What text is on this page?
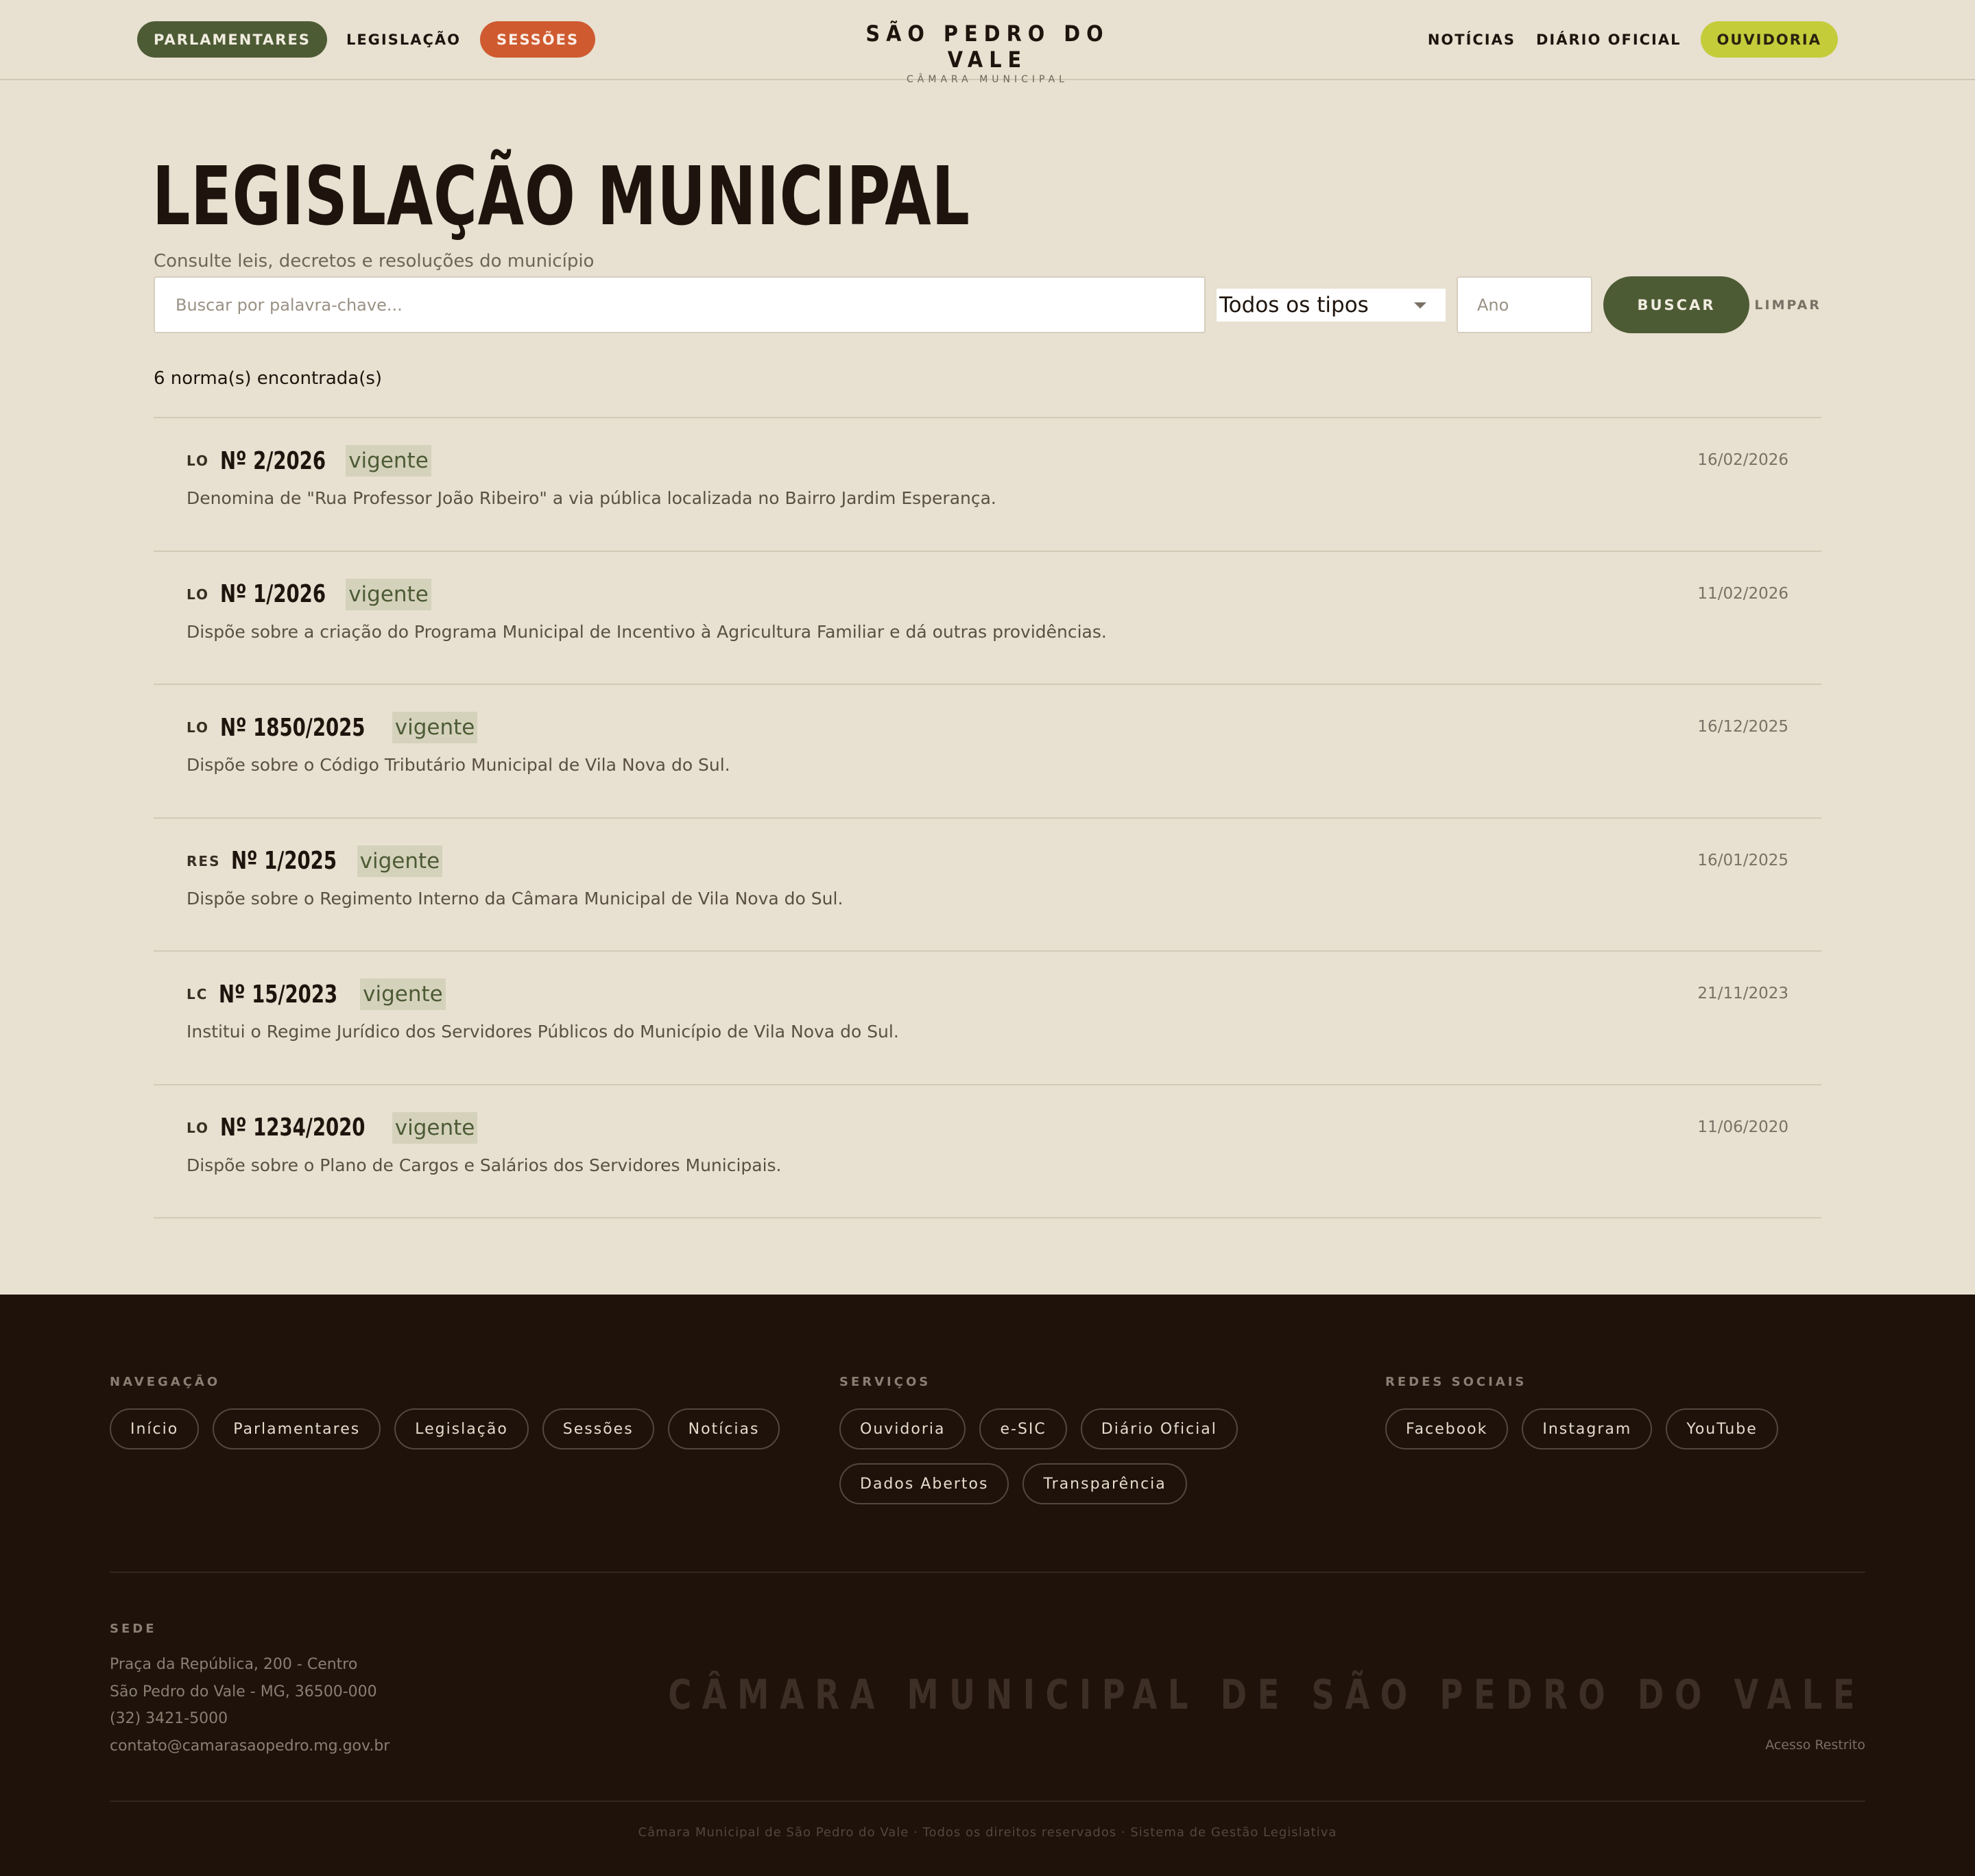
PARLAMENTARES	LEGISLAÇÃO	SESSÕES	SÃO PEDRO DO VALE
CÂMARA MUNICIPAL
NOTÍCIAS DIÁRIO OFICIAL	OUVIDORIA
LEGISLAÇÃO MUNICIPAL

Consulte leis, decretos e resoluções do município

Buscar por palavra-chave...
Todos os tipos
Ano	BUSCAR	LIMPAR

6 norma(s) encontrada(s)

LO Nº 2/2026 vigente	16/02/2026

Denomina de "Rua Professor João Ribeiro" a via pública localizada no Bairro Jardim Esperança.

LO Nº 1/2026 vigente	11/02/2026

Dispõe sobre a criação do Programa Municipal de Incentivo à Agricultura Familiar e dá outras providências.

LO Nº 1850/2025 vigente	16/12/2025

Dispõe sobre o Código Tributário Municipal de Vila Nova do Sul.

RES Nº 1/2025 vigente	16/01/2025

Dispõe sobre o Regimento Interno da Câmara Municipal de Vila Nova do Sul.

LC Nº 15/2023 vigente	21/11/2023

Institui o Regime Jurídico dos Servidores Públicos do Município de Vila Nova do Sul.

LO Nº 1234/2020 vigente	11/06/2020

Dispõe sobre o Plano de Cargos e Salários dos Servidores Municipais.

NAVEGAÇÃO
Início	Parlamentares	Legislação	Sessões	Notícias
SERVIÇOS
Ouvidoria	e-SIC	Diário Oficial
Dados Abertos	Transparência
REDES SOCIAIS
Facebook	Instagram	YouTube
SEDE
Praça da República, 200 - Centro
São Pedro do Vale - MG, 36500-000
(32) 3421-5000
contato@camarasaopedro.mg.gov.br
CÂMARA MUNICIPAL DE SÃO PEDRO DO VALE
Acesso Restrito
Câmara Municipal de São Pedro do Vale · Todos os direitos reservados · Sistema de Gestão Legislativa
